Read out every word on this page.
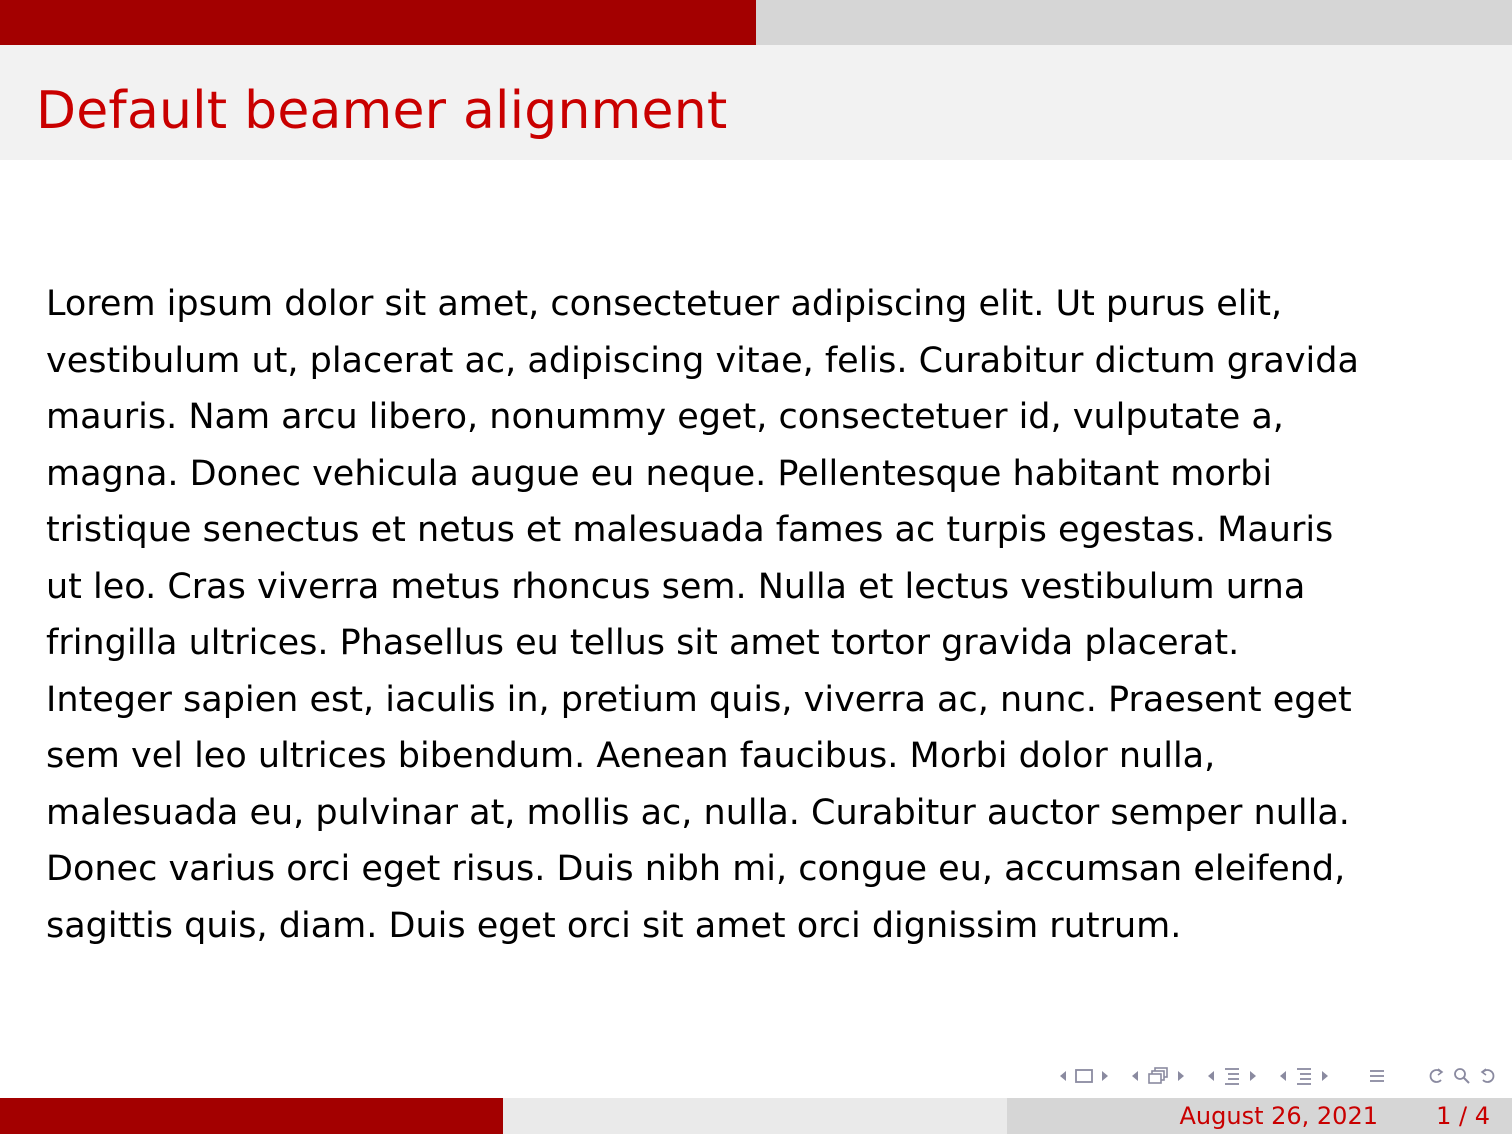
Default beamer alignment
Lorem ipsum dolor sit amet, consectetuer adipiscing elit. Ut purus elit,
vestibulum ut, placerat ac, adipiscing vitae, felis. Curabitur dictum gravida
mauris. Nam arcu libero, nonummy eget, consectetuer id, vulputate a,
magna. Donec vehicula augue eu neque. Pellentesque habitant morbi
tristique senectus et netus et malesuada fames ac turpis egestas. Mauris
ut leo. Cras viverra metus rhoncus sem. Nulla et lectus vestibulum urna
fringilla ultrices. Phasellus eu tellus sit amet tortor gravida placerat.
Integer sapien est, iaculis in, pretium quis, viverra ac, nunc. Praesent eget
sem vel leo ultrices bibendum. Aenean faucibus. Morbi dolor nulla,
malesuada eu, pulvinar at, mollis ac, nulla. Curabitur auctor semper nulla.
Donec varius orci eget risus. Duis nibh mi, congue eu, accumsan eleifend,
sagittis quis, diam. Duis eget orci sit amet orci dignissim rutrum.
August 26, 2021 1 / 4
